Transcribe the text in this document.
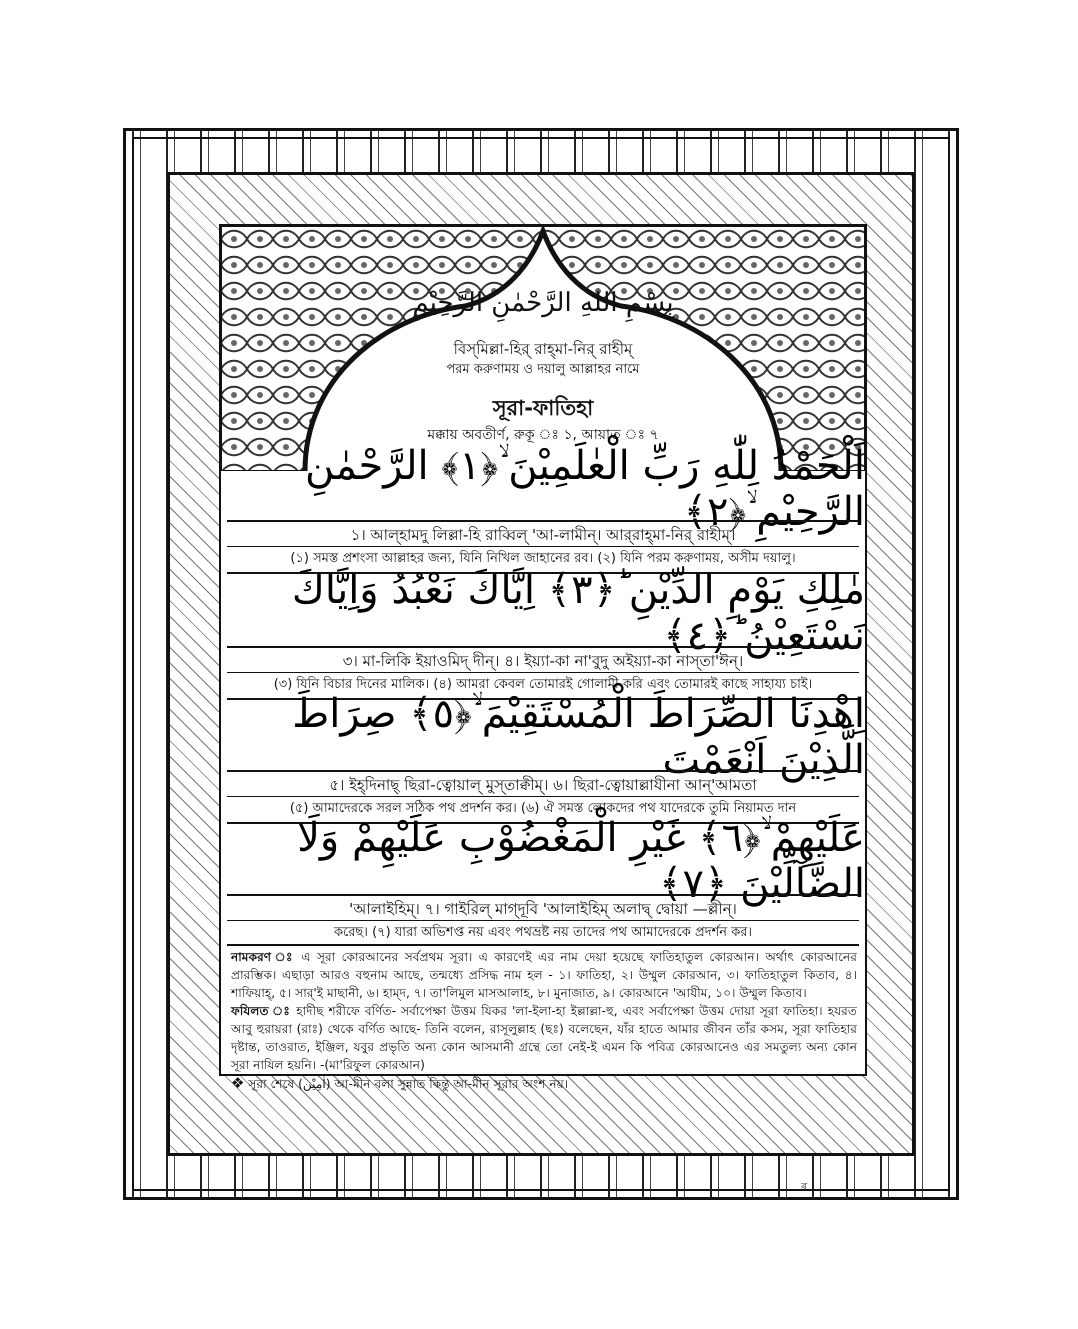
بِسْمِ اللهِ الرَّحْمٰنِ الرَّحِيْمِ
বিস্‌মিল্লা-হির্ রাহ্‌মা-নির্ রাহীম্
পরম করুণাময় ও দয়ালু আল্লাহর নামে
সূরা-ফাতিহা
মক্কায় অবতীর্ণ, রুকূ ঃ ১, আয়াত ঃ ৭
اَلْحَمْدُ لِلّٰهِ رَبِّ الْعٰلَمِيْنَ ۙ﴿١﴾ الرَّحْمٰنِ الرَّحِيْمِ ۙ﴿٢﴾
১। আল্‌হামদু লিল্লা-হি রাব্বিল্ 'আ-লামীন্। আর্‌রাহ্‌মা-নির্ রাহীম্।
(১) সমস্ত প্রশংসা আল্লাহর জন্য, যিনি নিখিল জাহানের রব। (২) যিনি পরম করুণাময়, অসীম দয়ালু।
مٰلِكِ يَوْمِ الدِّيْنِ ؕ﴿٣﴾ اِيَّاكَ نَعْبُدُ وَاِيَّاكَ نَسْتَعِيْنُ ؕ﴿٤﴾
৩। মা-লিকি ইয়াওমিদ্ দীন্। ৪। ইয়্যা-কা না'বুদু অইয়্যা-কা নাস্‌তা'ঈন্।
(৩) যিনি বিচার দিনের মালিক। (৪) আমরা কেবল তোমারই গোলামী করি এবং তোমারই কাছে সাহায্য চাই।
اِهْدِنَا الصِّرَاطَ الْمُسْتَقِيْمَ ۙ﴿٥﴾ صِرَاطَ الَّذِيْنَ اَنْعَمْتَ
৫। ইহ্‌দিনাছ্ ছিরা-ত্বোয়াল্ মুস্‌তাক্বীম্। ৬। ছিরা-ত্বোয়াল্লাযীনা আন্'আমতা
(৫) আমাদেরকে সরল সঠিক পথ প্রদর্শন কর। (৬) ঐ সমস্ত লোকদের পথ যাদেরকে তুমি নিয়ামত দান
عَلَيْهِمْ ۙ﴿٦﴾ غَيْرِ الْمَغْضُوْبِ عَلَيْهِمْ وَلَا الضَّآلِّيْنَ ﴿٧﴾
'আলাইহিম্। ৭। গাইরিল্ মাগ্‌দূবি 'আলাইহিম্ অলাদ্ব্ দ্বোয়া —ল্লীন্।
করেছ। (৭) যারা অভিশপ্ত নয় এবং পথভ্রষ্ট নয় তাদের পথ আমাদেরকে প্রদর্শন কর।
নামকরণ ঃ এ সূরা কোরআনের সর্বপ্রথম সূরা। এ কারণেই এর নাম দেয়া হয়েছে ফাতিহাতুল কোরআন। অর্থাৎ কোরআনের প্রারম্ভিক। এছাড়া আরও বহুনাম আছে, তন্মধ্যে প্রসিদ্ধ নাম হল - ১। ফাতিহা, ২। উম্মুল কোরআন, ৩। ফাতিহাতুল কিতাব, ৪। শাফিয়াহ্, ৫। সার্'ই মাছানী, ৬। হাম্‌দ, ৭। তা'লিমুল মাসআলাহ, ৮। মুনাজাত, ৯। কোরআনে 'আযীম, ১০। উম্মুল কিতাব।
ফযিলত ঃ হাদীছ শরীফে বর্ণিত- সর্বাপেক্ষা উত্তম যিকর 'লা-ইলা-হা ইল্লাল্লা-হু, এবং সর্বাপেক্ষা উত্তম দোয়া সূরা ফাতিহা। হযরত আবু হুরায়রা (রাঃ) থেকে বর্ণিত আছে- তিনি বলেন, রাসূলুল্লাহ (ছঃ) বলেছেন, যাঁর হাতে আমার জীবন তাঁর কসম, সূরা ফাতিহার দৃষ্টান্ত, তাওরাত, ইঞ্জিল, যবুর প্রভৃতি অন্য কোন আসমানী গ্রন্থে তো নেই-ই এমন কি পবিত্র কোরআনেও এর সমতুল্য অন্য কোন সূরা নাযিল হয়নি। -(মা'রিফুল কোরআন)
❖ সূরা শেষে (اٰمِيْن) আ-মীন বলা সুন্নাত কিন্তু আ-মীন সূরার অংশ নয়।
ৰ
